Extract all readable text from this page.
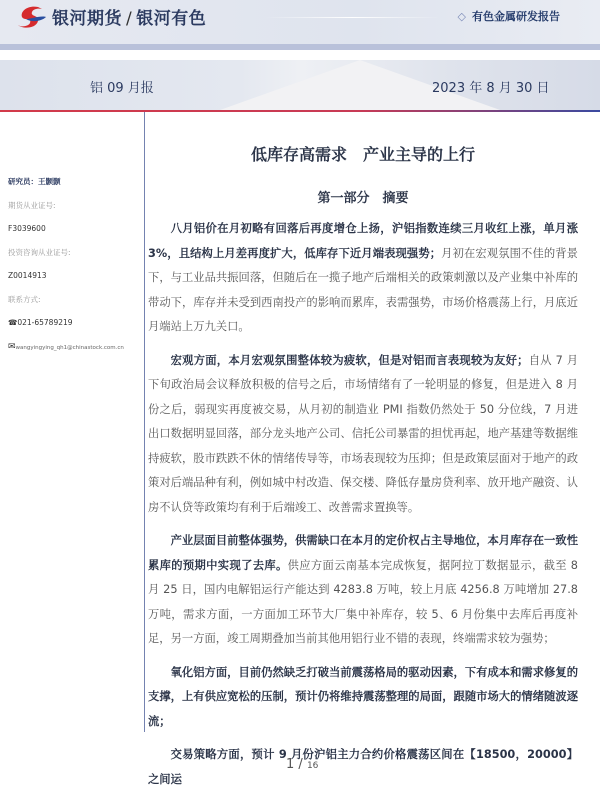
银河期货 / 银河有色	◇ 有色金属研发报告
铝 09 月报	2023 年 8 月 30 日
研究员：王颢颢
期货从业证号:
F3039600
投资咨询从业证号:
Z0014913
联系方式:
☎021-65789219
✉wangyingying_qh1@chinastock.com.cn
低库存高需求　产业主导的上行
第一部分　摘要

八月铝价在月初略有回落后再度增仓上扬，沪铝指数连续三月收红上涨，单月涨3%，且结构上月差再度扩大，低库存下近月端表现强势；月初在宏观氛围不佳的背景下，与工业品共振回落，但随后在一揽子地产后端相关的政策刺激以及产业集中补库的带动下，库存并未受到西南投产的影响而累库，表需强势，市场价格震荡上行，月底近月端站上万九关口。

宏观方面，本月宏观氛围整体较为疲软，但是对铝而言表现较为友好；自从 7 月下旬政治局会议释放积极的信号之后，市场情绪有了一轮明显的修复，但是进入 8 月份之后，弱现实再度被交易，从月初的制造业 PMI 指数仍然处于 50 分位线，7 月进出口数据明显回落，部分龙头地产公司、信托公司暴雷的担忧再起，地产基建等数据维持疲软，股市跌跌不休的情绪传导等，市场表现较为压抑；但是政策层面对于地产的政策对后端品种有利，例如城中村改造、保交楼、降低存量房贷利率、放开地产融资、认房不认贷等政策均有利于后端竣工、改善需求置换等。

产业层面目前整体强势，供需缺口在本月的定价权占主导地位，本月库存在一致性累库的预期中实现了去库。供应方面云南基本完成恢复，据阿拉丁数据显示，截至 8 月 25 日，国内电解铝运行产能达到 4283.8 万吨，较上月底 4256.8 万吨增加 27.8 万吨，需求方面，一方面加工环节大厂集中补库存，较 5、6 月份集中去库后再度补足，另一方面，竣工周期叠加当前其他用铝行业不错的表现，终端需求较为强势；

氧化铝方面，目前仍然缺乏打破当前震荡格局的驱动因素，下有成本和需求修复的支撑，上有供应宽松的压制，预计仍将维持震荡整理的局面，跟随市场大的情绪随波逐流；

交易策略方面，预计 9 月份沪铝主力合约价格震荡区间在【18500，20000】之间运

1 / 16
